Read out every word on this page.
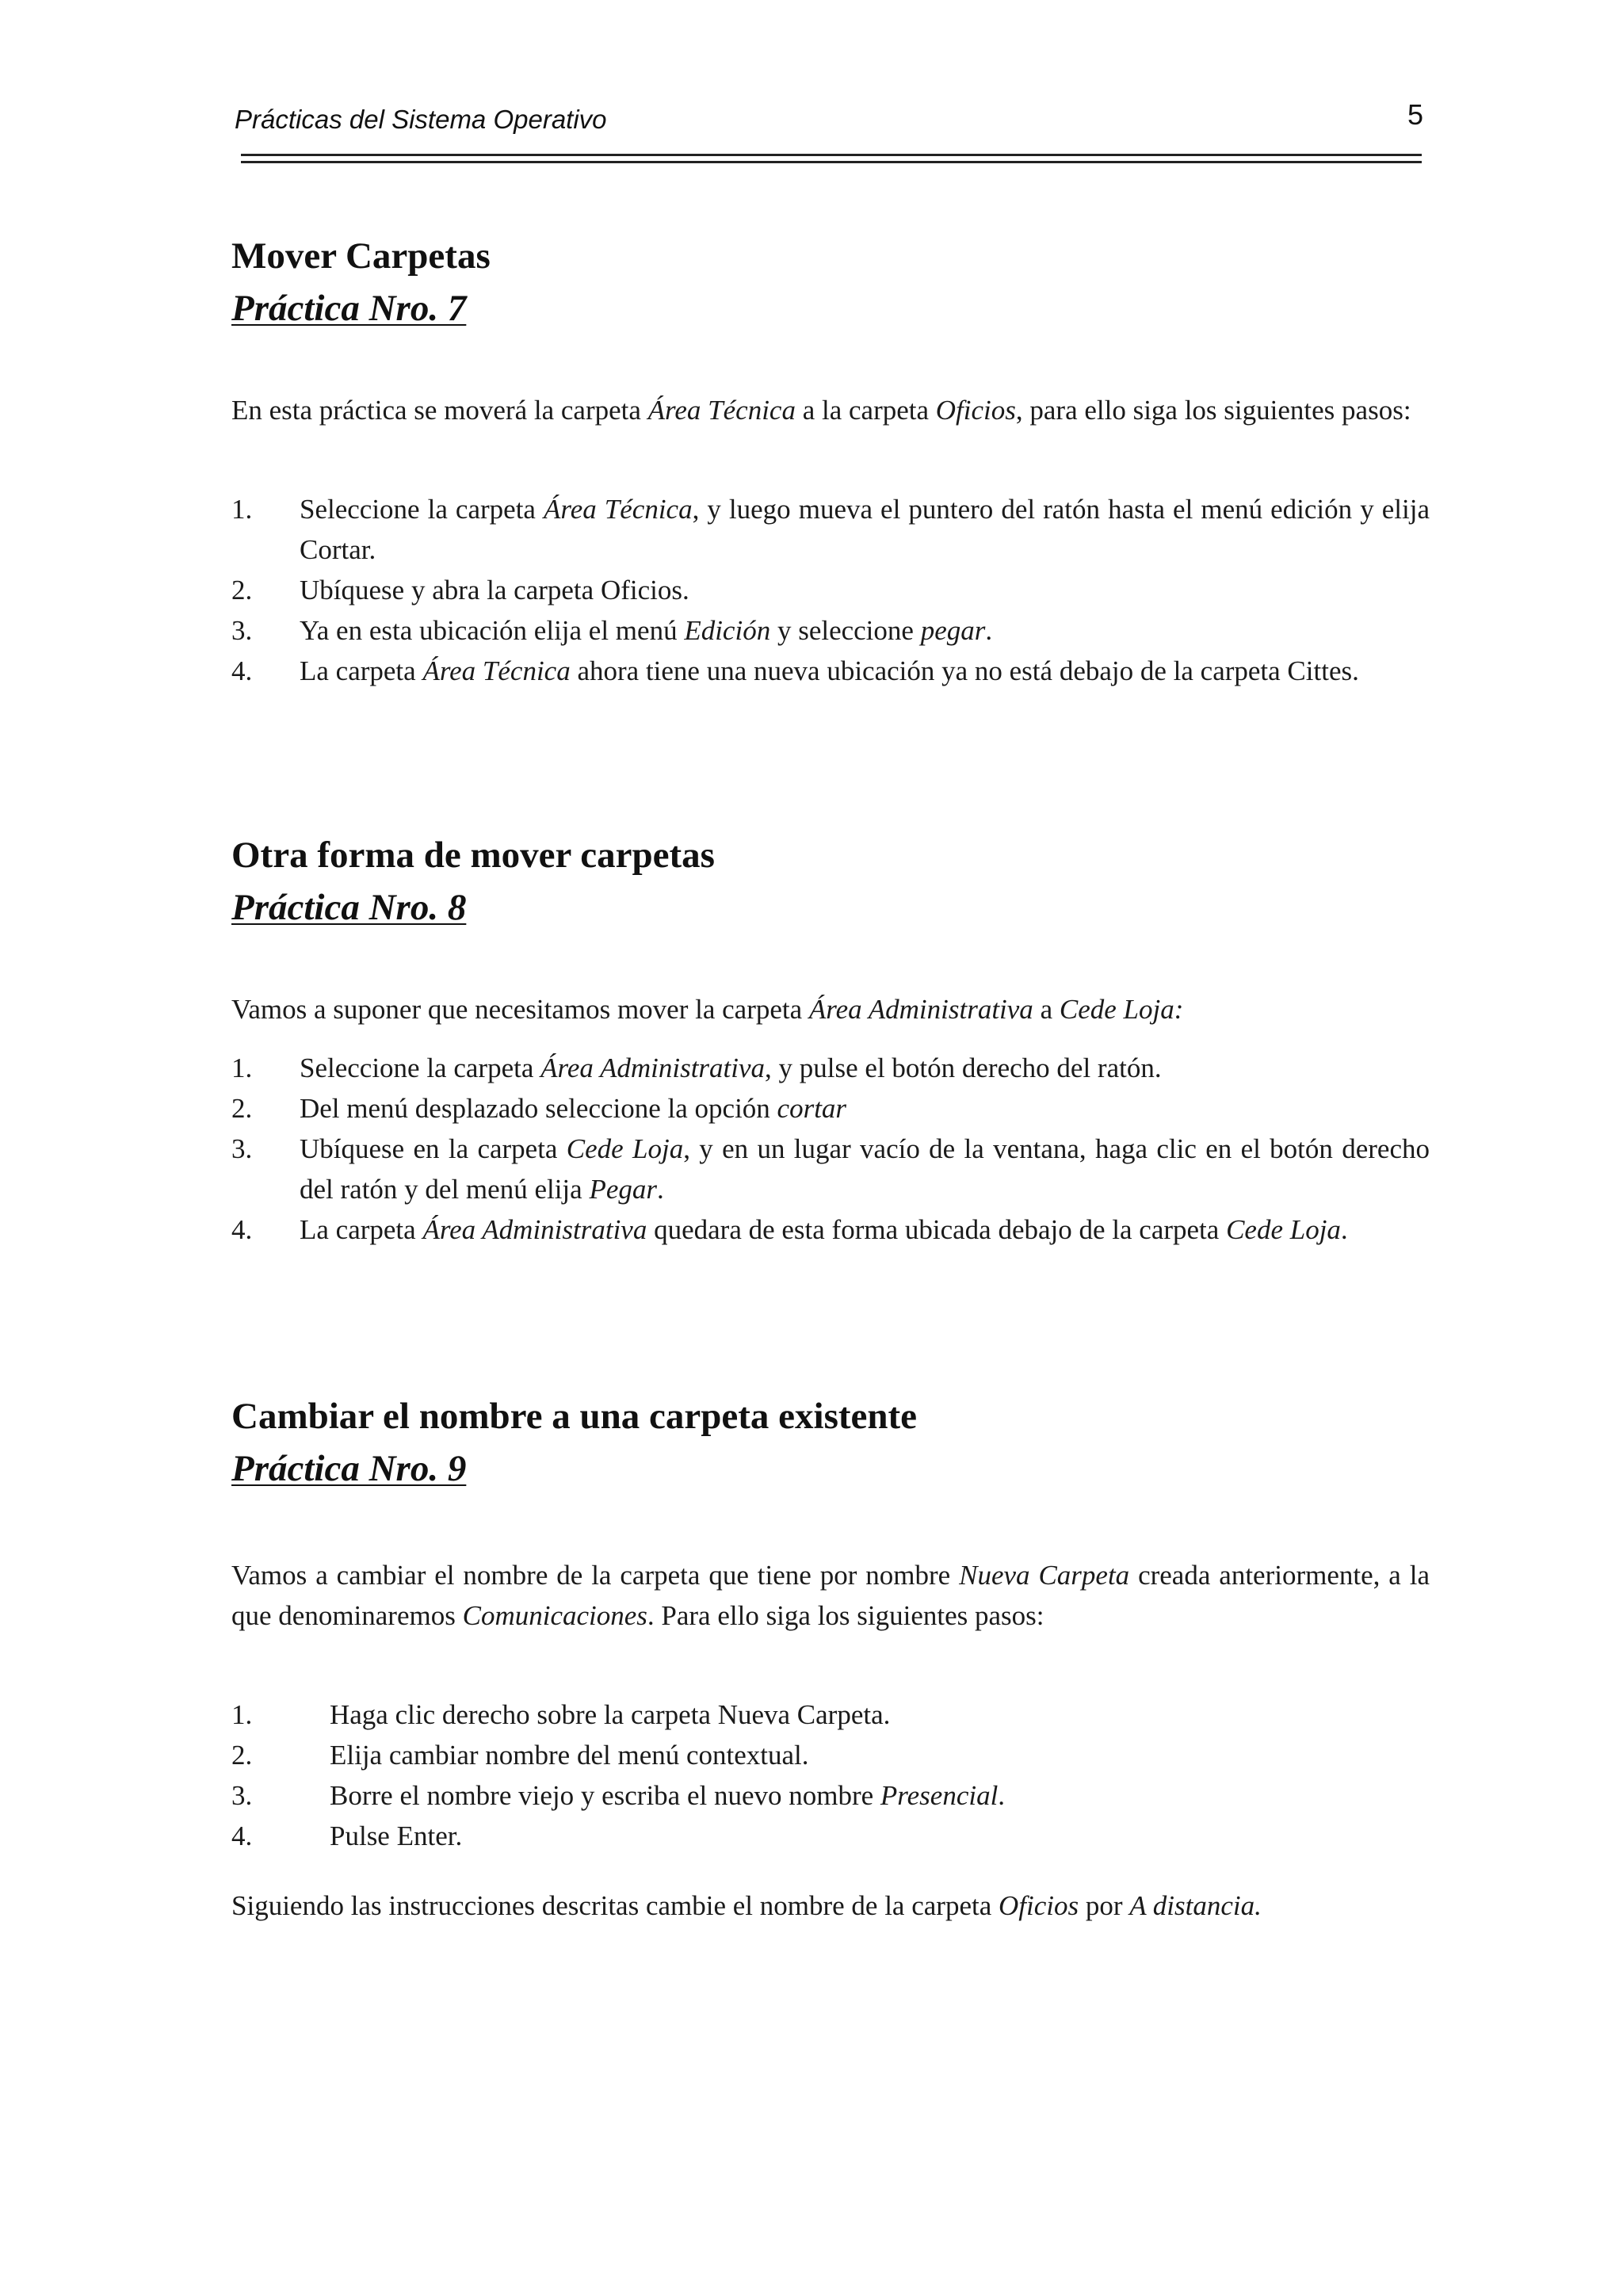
Prácticas del Sistema Operativo	5
Mover Carpetas
Práctica Nro. 7

En esta práctica se moverá la carpeta Área Técnica a la carpeta Oficios, para ello siga los siguientes pasos:

1. Seleccione la carpeta Área Técnica, y luego mueva el puntero del ratón hasta el menú edición y elija Cortar.
2. Ubíquese y abra la carpeta Oficios.
3. Ya en esta ubicación elija el menú Edición y seleccione pegar.
4. La carpeta Área Técnica ahora tiene una nueva ubicación ya no está debajo de la carpeta Cittes.
Otra forma de mover carpetas
Práctica Nro. 8

Vamos a suponer que necesitamos mover la carpeta Área Administrativa a Cede Loja:

1. Seleccione la carpeta Área Administrativa, y pulse el botón derecho del ratón.
2. Del menú desplazado seleccione la opción cortar
3. Ubíquese en la carpeta Cede Loja, y en un lugar vacío de la ventana, haga clic en el botón derecho del ratón y del menú elija Pegar.
4. La carpeta Área Administrativa quedara de esta forma ubicada debajo de la carpeta Cede Loja.
Cambiar el nombre a una carpeta existente
Práctica Nro. 9

Vamos a cambiar el nombre de la carpeta que tiene por nombre Nueva Carpeta creada anteriormente, a la que denominaremos Comunicaciones. Para ello siga los siguientes pasos:

1.	Haga clic derecho sobre la carpeta Nueva Carpeta.
2.	Elija cambiar nombre del menú contextual.
3.	Borre el nombre viejo y escriba el nuevo nombre Presencial.
4.	Pulse Enter.

Siguiendo las instrucciones descritas cambie el nombre de la carpeta Oficios por A distancia.
